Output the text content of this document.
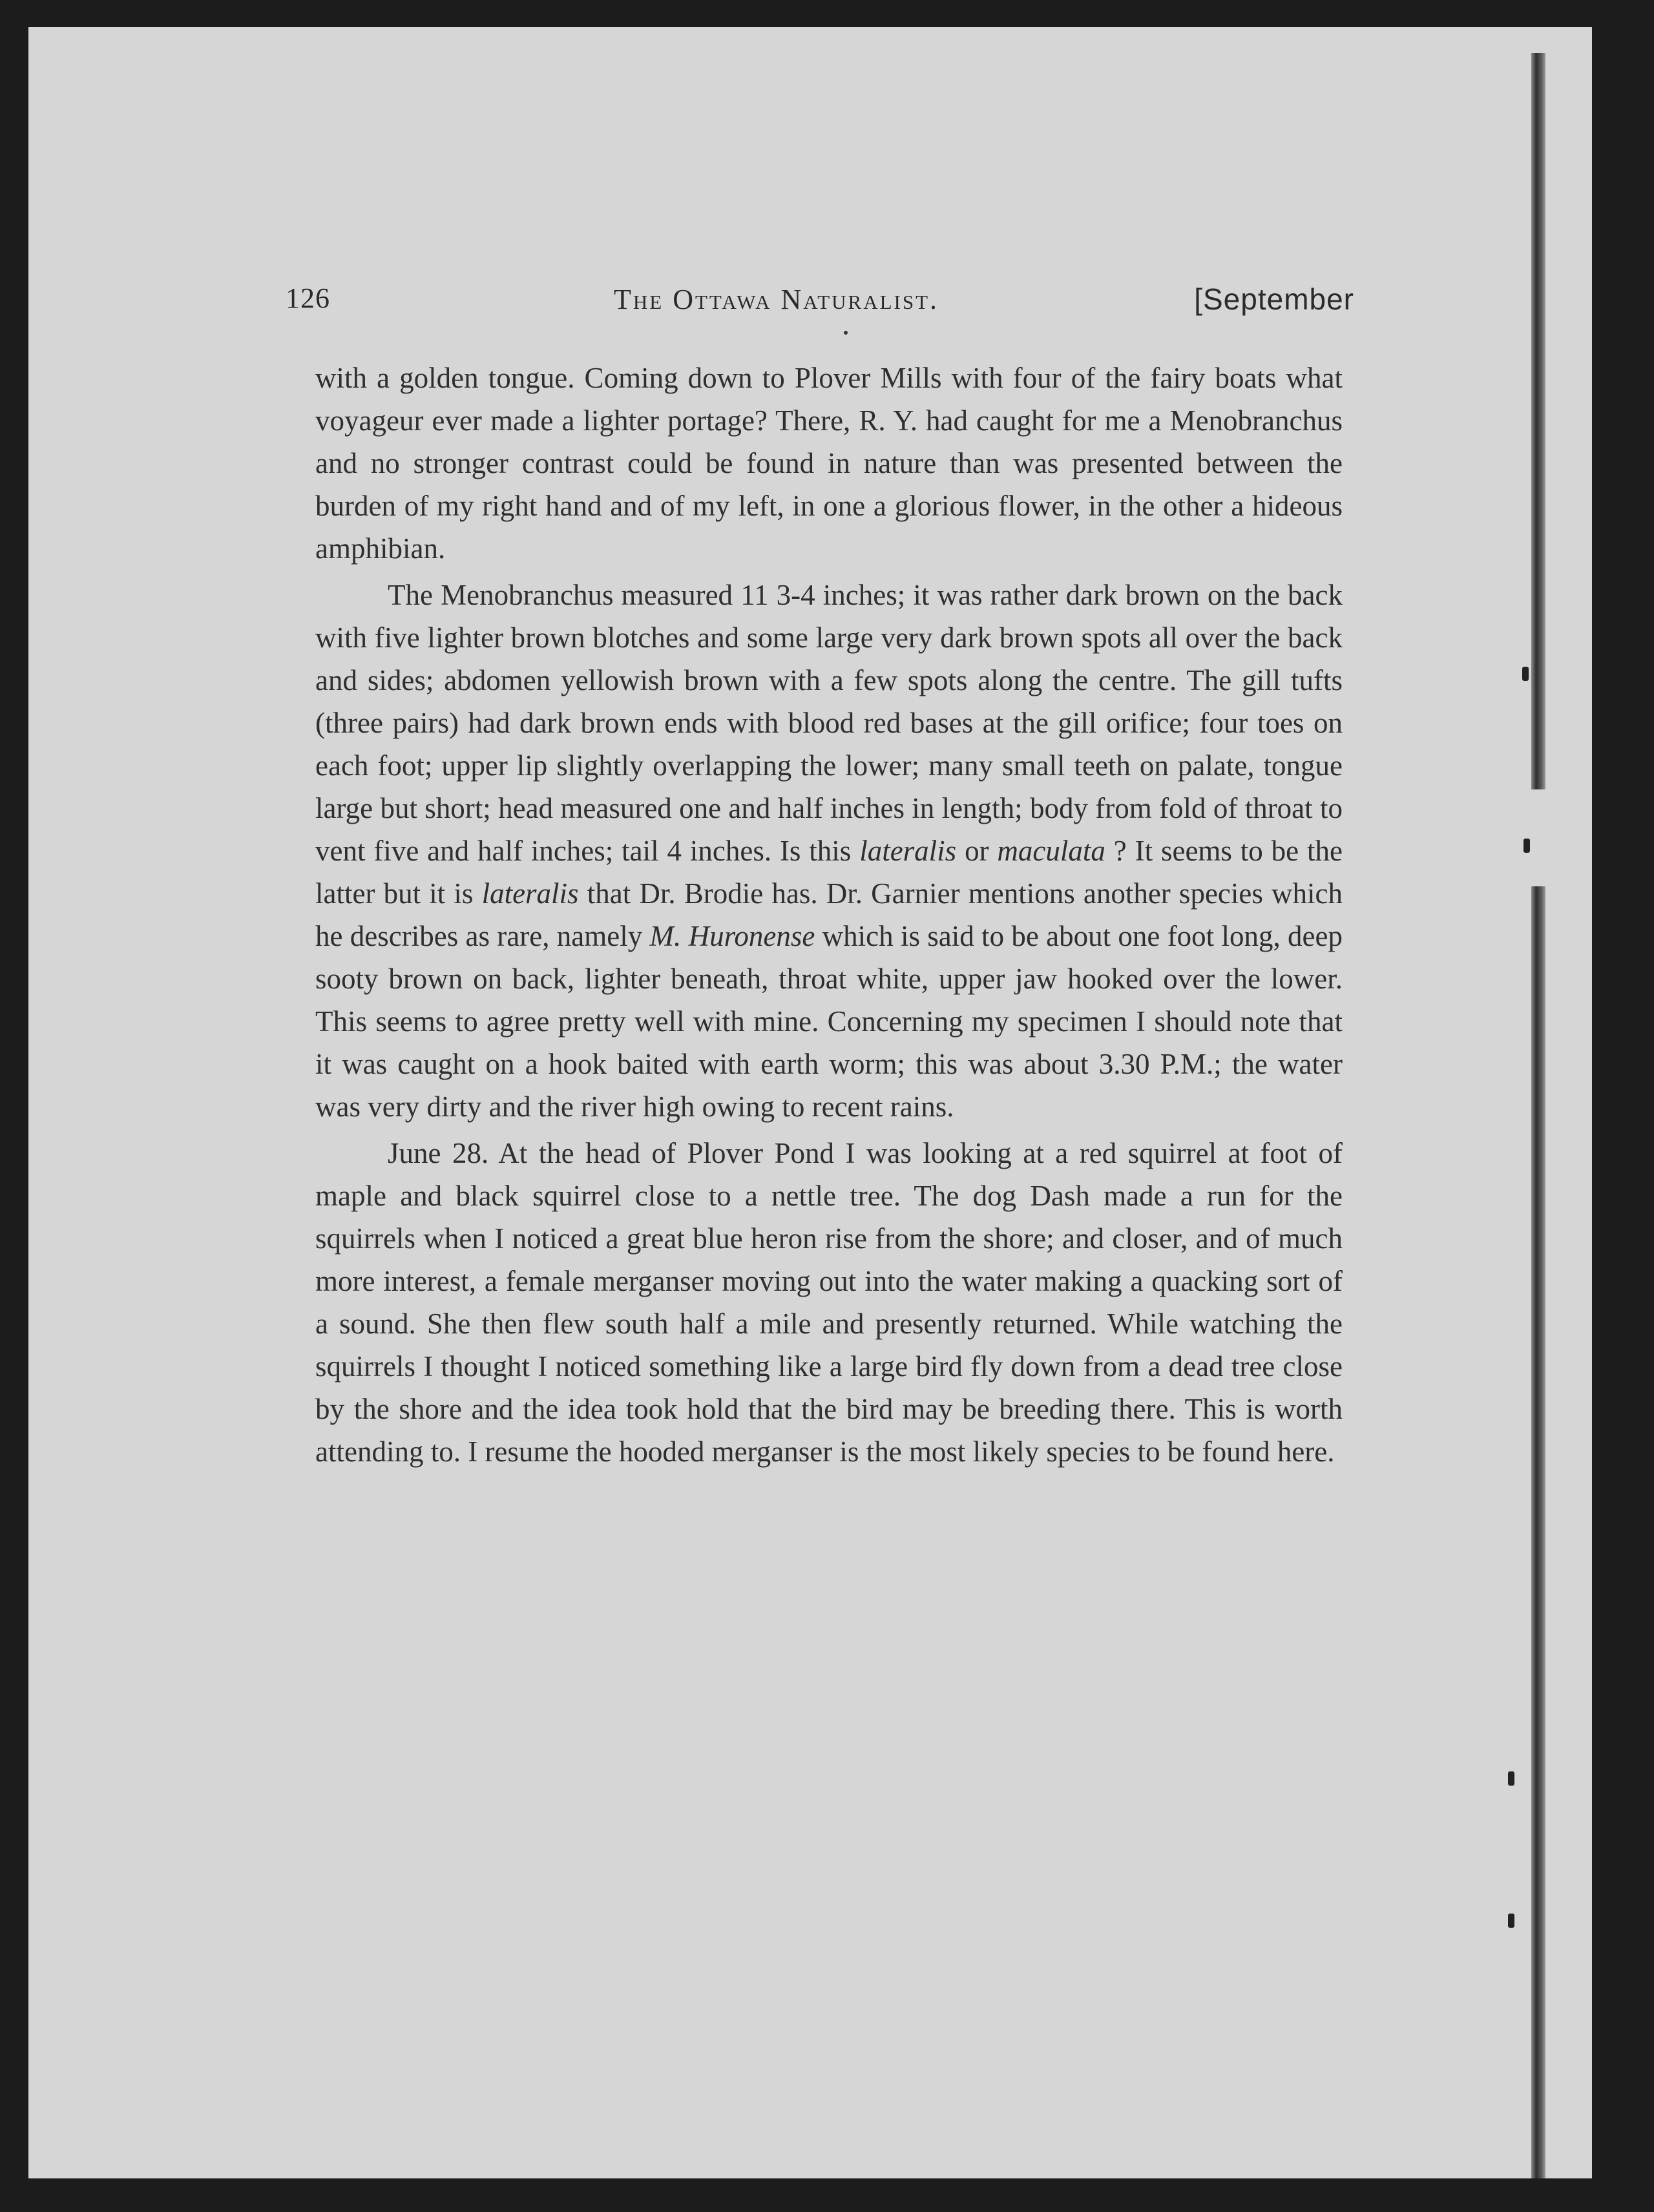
126	The Ottawa Naturalist.	[September

with a golden tongue. Coming down to Plover Mills with four of the fairy boats what voyageur ever made a lighter portage? There, R. Y. had caught for me a Menobranchus and no stronger contrast could be found in nature than was presented between the burden of my right hand and of my left, in one a glorious flower, in the other a hideous amphibian.

The Menobranchus measured 11 3-4 inches; it was rather dark brown on the back with five lighter brown blotches and some large very dark brown spots all over the back and sides; abdomen yellowish brown with a few spots along the centre. The gill tufts (three pairs) had dark brown ends with blood red bases at the gill orifice; four toes on each foot; upper lip slightly overlapping the lower; many small teeth on palate, tongue large but short; head measured one and half inches in length; body from fold of throat to vent five and half inches; tail 4 inches. Is this lateralis or maculata ? It seems to be the latter but it is lateralis that Dr. Brodie has. Dr. Garnier mentions another species which he describes as rare, namely M. Huronense which is said to be about one foot long, deep sooty brown on back, lighter beneath, throat white, upper jaw hooked over the lower. This seems to agree pretty well with mine. Concerning my specimen I should note that it was caught on a hook baited with earth worm; this was about 3.30 P.M.; the water was very dirty and the river high owing to recent rains.

June 28. At the head of Plover Pond I was looking at a red squirrel at foot of maple and black squirrel close to a nettle tree. The dog Dash made a run for the squirrels when I noticed a great blue heron rise from the shore; and closer, and of much more interest, a female merganser moving out into the water making a quacking sort of a sound. She then flew south half a mile and presently returned. While watching the squirrels I thought I noticed something like a large bird fly down from a dead tree close by the shore and the idea took hold that the bird may be breeding there. This is worth attending to. I resume the hooded merganser is the most likely species to be found here.
